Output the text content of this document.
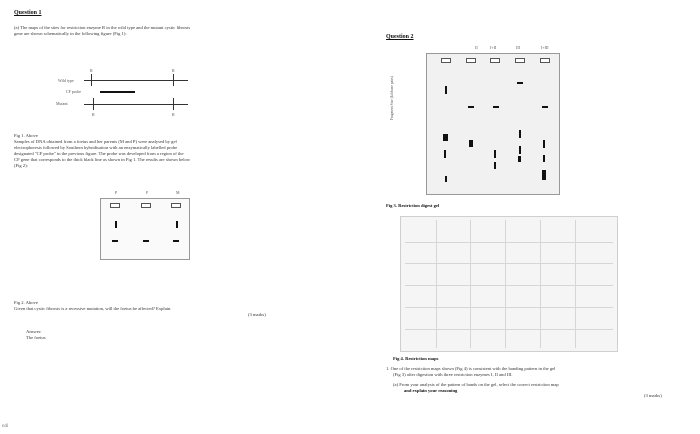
Question 1
(a) The maps of the sites for restriction enzyme R in the wild type and the mutant cystic fibrosis
gene are shown schematically in the following figure (Fig 1):
Wild type
R	R
CF probe
Mutant
R	R
Fig 1. Above
Samples of DNA obtained from a foetus and her parents (M and P) were analysed by gel
electrophoresis followed by Southern hybridisation with an enzymatically labelled probe
designated "CF probe" in the previous figure. The probe was developed from a region of the
CF gene that corresponds to the thick black line as shown in Fig 1. The results are shown below
(Fig 2):
P	F	M
Fig 2. Above
Given that cystic fibrosis is a recessive mutation, will the foetus be affected? Explain.
(3 marks)
Answer:
The foetus
Question 2
II	I+II	III	I+III
Fragment Size (kilobase pairs)
Fig 3. Restriction digest gel
Fig 4. Restriction maps
1. One of the restriction maps shown (Fig 4) is consistent with the banding pattern in the gel
(Fig 3) after digestion with three restriction enzymes I, II and III.
(a) From your analysis of the pattern of bands on the gel, select the correct restriction map
and explain your reasoning
(3 marks)
ndi
